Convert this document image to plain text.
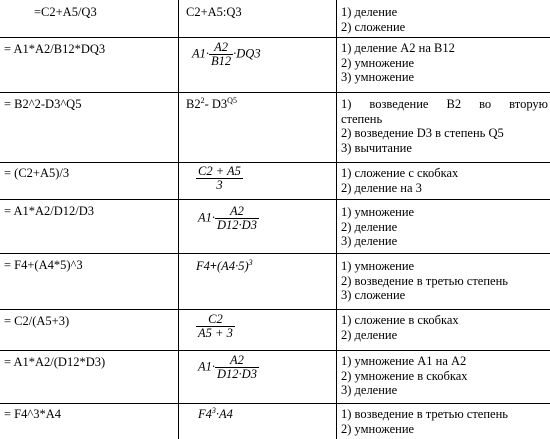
=C2+A5/Q3	C2+A5:Q3	1) деление
2) сложение
= A1*A2/B12*DQ3	$A1\cdot \frac{A2}{B12} \cdot DQ3$	1) деление А2 на В12
2) умножение
3) умножение
= B2^2-D3^Q5	$B2^2-$ $D3^{Q5}$	1) возведение В2 во вторую
степень
2) возведение D3 в степень Q5
3) вычитание
= (C2+A5)/3	$\frac{C2 + A5}{3}$	1) сложение с скобках
2) деление на 3
= A1*A2/D12/D3	$A1\cdot \frac{A2}{D12\cdot D3}$	1) умножение
2) деление
3) деление
= F4+(A4*5)^3	$F4+(A4\cdot 5)^3$	1) умножение
2) возведение в третью степень
3) сложение
= C2/(A5+3)	$\frac{C2}{A5 + 3}$	1) сложение в скобках
2) деление
= A1*A2/(D12*D3)	$A1\cdot \frac{A2}{D12\cdot D3}$	1) умножение А1 на А2
2) умножение в скобках
3) деление
= F4^3*A4	$F4^3\cdot A4$	1) возведение в третью степень
2) умножение
